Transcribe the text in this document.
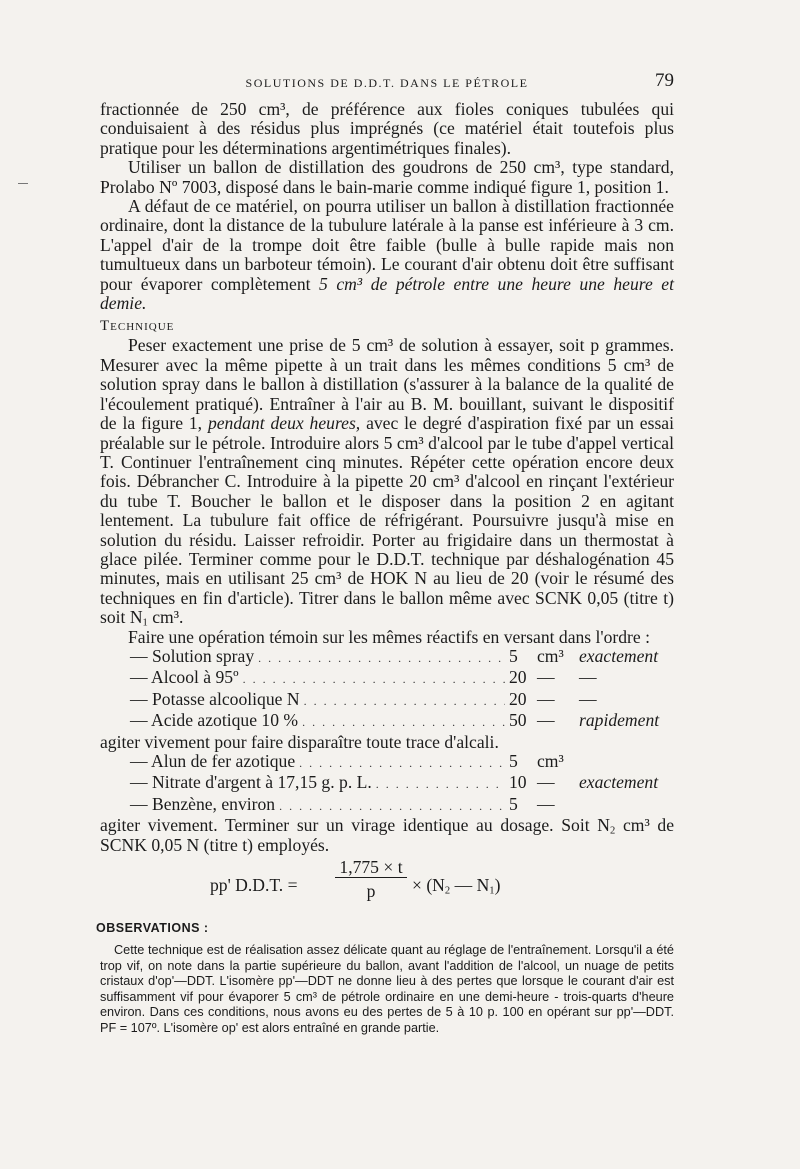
SOLUTIONS DE D.D.T. DANS LE PÉTROLE	79

fractionnée de 250 cm³, de préférence aux fioles coniques tubulées qui conduisaient à des résidus plus imprégnés (ce matériel était toutefois plus pratique pour les déterminations argentimétriques finales).

Utiliser un ballon de distillation des goudrons de 250 cm³, type standard, Prolabo Nº 7003, disposé dans le bain-marie comme indiqué figure 1, position 1.

A défaut de ce matériel, on pourra utiliser un ballon à distillation fractionnée ordinaire, dont la distance de la tubulure latérale à la panse est inférieure à 3 cm. L'appel d'air de la trompe doit être faible (bulle à bulle rapide mais non tumultueux dans un barboteur témoin). Le courant d'air obtenu doit être suffisant pour évaporer complètement 5 cm³ de pétrole entre une heure une heure et demie.

Technique

Peser exactement une prise de 5 cm³ de solution à essayer, soit p grammes. Mesurer avec la même pipette à un trait dans les mêmes conditions 5 cm³ de solution spray dans le ballon à distillation (s'assurer à la balance de la qualité de l'écoulement pratiqué). Entraîner à l'air au B. M. bouillant, suivant le dispositif de la figure 1, pendant deux heures, avec le degré d'aspiration fixé par un essai préalable sur le pétrole. Introduire alors 5 cm³ d'alcool par le tube d'appel vertical T. Continuer l'entraînement cinq minutes. Répéter cette opération encore deux fois. Débrancher C. Introduire à la pipette 20 cm³ d'alcool en rinçant l'extérieur du tube T. Boucher le ballon et le disposer dans la position 2 en agitant lentement. La tubulure fait office de réfrigérant. Poursuivre jusqu'à mise en solution du résidu. Laisser refroidir. Porter au frigidaire dans un thermostat à glace pilée. Terminer comme pour le D.D.T. technique par déshalogénation 45 minutes, mais en utilisant 25 cm³ de HOK N au lieu de 20 (voir le résumé des techniques en fin d'article). Titrer dans le ballon même avec SCNK 0,05 (titre t) soit $N_1$ cm³.

Faire une opération témoin sur les mêmes réactifs en versant dans l'ordre :

— Solution spray . . .	5	cm³ exactement
— Alcool à 95º . . .	20 —	—
— Potasse alcoolique N . . .	20 —	—
— Acide azotique 10 % . . .	50 —	rapidement

agiter vivement pour faire disparaître toute trace d'alcali.

— Alun de fer azotique . . .	5	cm³
— Nitrate d'argent à 17,15 g. p. L. . . .	10 —	exactement
— Benzène, environ . . .	5	—

agiter vivement. Terminer sur un virage identique au dosage. Soit $N_2$ cm³ de SCNK 0,05 N (titre t) employés.

pp' D.D.T. =
1,775 × t
p	× ($N_2$ — $N_1$)
OBSERVATIONS :

Cette technique est de réalisation assez délicate quant au réglage de l'entraînement. Lorsqu'il a été trop vif, on note dans la partie supérieure du ballon, avant l'addition de l'alcool, un nuage de petits cristaux d'op'—DDT. L'isomère pp'—DDT ne donne lieu à des pertes que lorsque le courant d'air est suffisamment vif pour évaporer 5 cm³ de pétrole ordinaire en une demi-heure - trois-quarts d'heure environ. Dans ces conditions, nous avons eu des pertes de 5 à 10 p. 100 en opérant sur pp'—DDT. PF = 107º. L'isomère op' est alors entraîné en grande partie.
